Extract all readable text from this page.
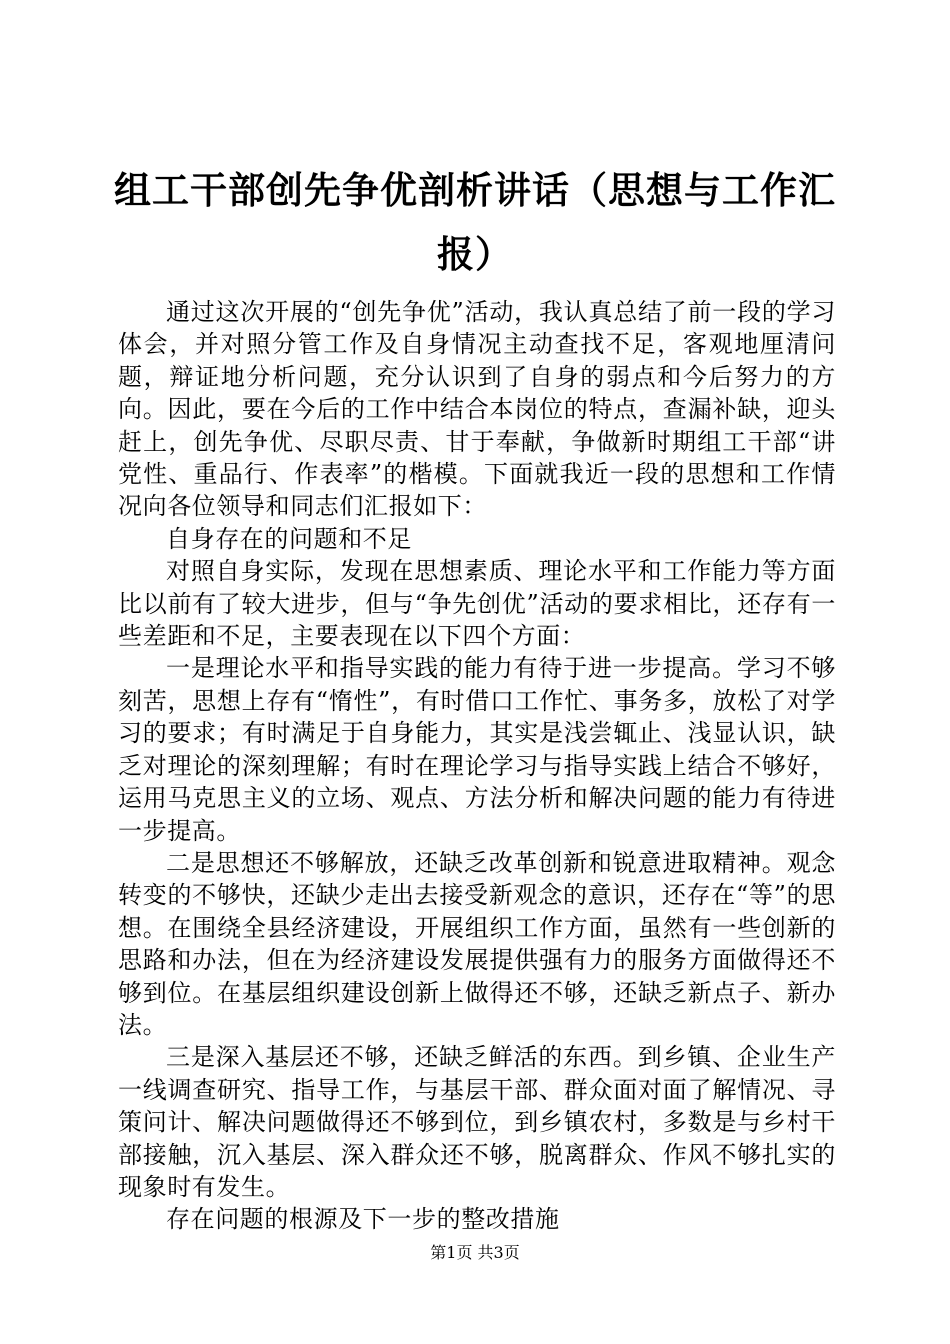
组工干部创先争优剖析讲话（思想与工作汇报）

通过这次开展的“创先争优”活动，我认真总结了前一段的学习体会，并对照分管工作及自身情况主动查找不足，客观地厘清问题，辩证地分析问题，充分认识到了自身的弱点和今后努力的方向。因此，要在今后的工作中结合本岗位的特点，查漏补缺，迎头赶上，创先争优、尽职尽责、甘于奉献，争做新时期组工干部“讲党性、重品行、作表率”的楷模。下面就我近一段的思想和工作情况向各位领导和同志们汇报如下：

自身存在的问题和不足

对照自身实际，发现在思想素质、理论水平和工作能力等方面比以前有了较大进步，但与“争先创优”活动的要求相比，还存有一些差距和不足，主要表现在以下四个方面：

一是理论水平和指导实践的能力有待于进一步提高。学习不够刻苦，思想上存有“惰性”，有时借口工作忙、事务多，放松了对学习的要求；有时满足于自身能力，其实是浅尝辄止、浅显认识，缺乏对理论的深刻理解；有时在理论学习与指导实践上结合不够好，运用马克思主义的立场、观点、方法分析和解决问题的能力有待进一步提高。

二是思想还不够解放，还缺乏改革创新和锐意进取精神。观念转变的不够快，还缺少走出去接受新观念的意识，还存在“等”的思想。在围绕全县经济建设，开展组织工作方面，虽然有一些创新的思路和办法，但在为经济建设发展提供强有力的服务方面做得还不够到位。在基层组织建设创新上做得还不够，还缺乏新点子、新办法。

三是深入基层还不够，还缺乏鲜活的东西。到乡镇、企业生产一线调查研究、指导工作，与基层干部、群众面对面了解情况、寻策问计、解决问题做得还不够到位，到乡镇农村，多数是与乡村干部接触，沉入基层、深入群众还不够，脱离群众、作风不够扎实的现象时有发生。

存在问题的根源及下一步的整改措施

第1页 共3页
